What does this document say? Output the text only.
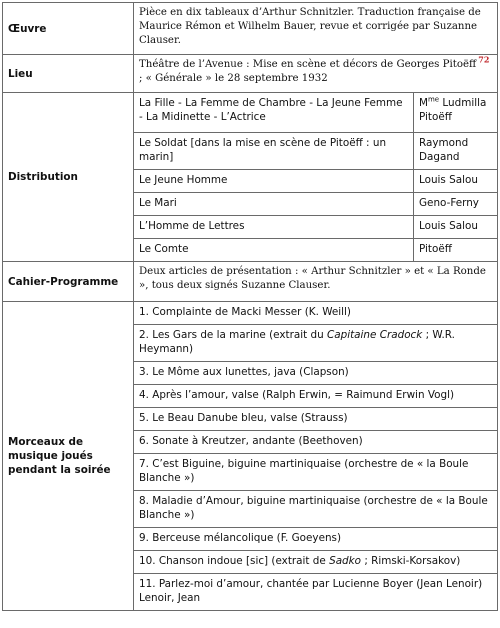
Œuvre	Pièce en dix tableaux d’Arthur Schnitzler. Traduction française de Maurice Rémon et Wilhelm Bauer, revue et corrigée par Suzanne Clauser.	
Lieu	Théâtre de l’Avenue : Mise en scène et décors de Georges Pitoëff  $^{72}$ ; « Générale » le 28 septembre 1932	
Distribution	La Fille - La Femme de Chambre - La Jeune Femme - La Midinette - L’Actrice	$M^{me}$ Ludmilla Pitoëff
	Le Soldat [dans la mise en scène de Pitoëff : un marin]	Raymond Dagand
	Le Jeune Homme	Louis Salou
	Le Mari	Geno-Ferny
	L’Homme de Lettres	Louis Salou
	Le Comte	Pitoëff
Cahier-Programme	Deux articles de présentation : « Arthur Schnitzler » et « La Ronde », tous deux signés Suzanne Clauser.	
Morceaux de musique joués pendant la soirée	1. Complainte de Macki Messer (K. Weill)	
	2. Les Gars de la marine (extrait du Capitaine Cradock ; W.R. Heymann)	
	3. Le Môme aux lunettes, java (Clapson)	
	4. Après l’amour, valse (Ralph Erwin, = Raimund Erwin Vogl)	
	5. Le Beau Danube bleu, valse (Strauss)	
	6. Sonate à Kreutzer, andante (Beethoven)	
	7. C’est Biguine, biguine martiniquaise (orchestre de « la Boule Blanche »)	
	8. Maladie d’Amour, biguine martiniquaise (orchestre de « la Boule Blanche »)	
	9. Berceuse mélancolique (F. Goeyens)	
	10. Chanson indoue [sic] (extrait de Sadko ; Rimski-Korsakov)	
	11. Parlez-moi d’amour, chantée par Lucienne Boyer (Jean Lenoir) Lenoir, Jean	
